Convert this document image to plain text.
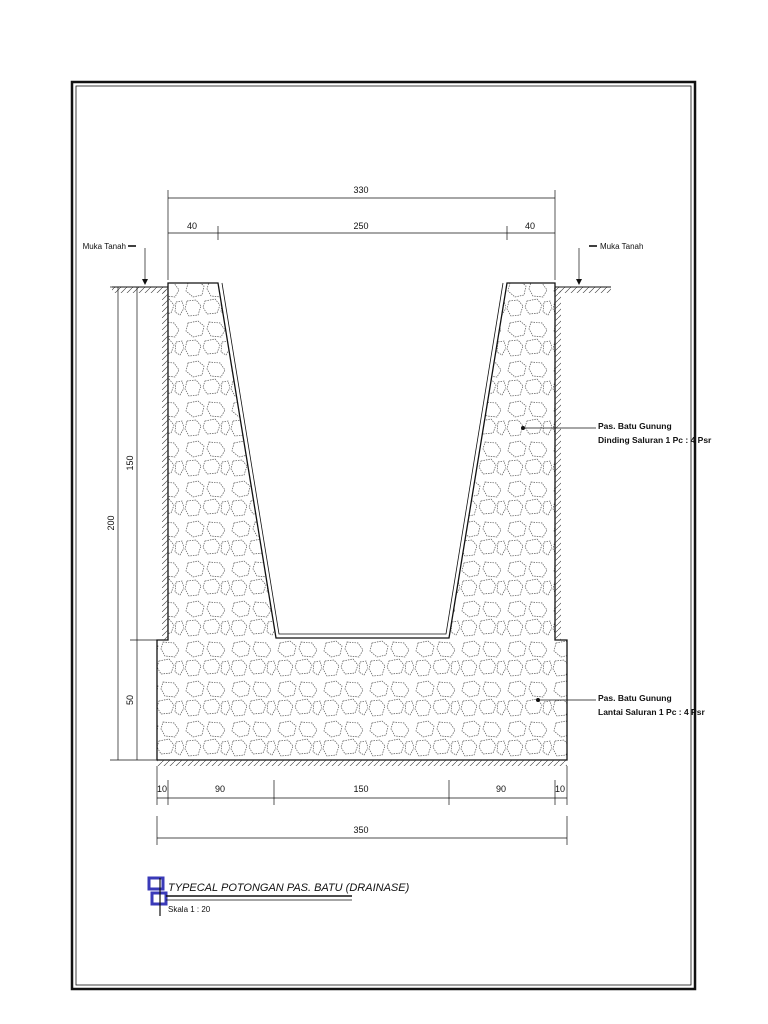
Muka Tanah	Muka Tanah
330
40	250	40
200
150
50
10	90	150	90	10
350
Pas. Batu Gunung
Dinding Saluran 1 Pc : 4 Psr
Pas. Batu Gunung
Lantai Saluran 1 Pc : 4 Psr
TYPECAL POTONGAN PAS. BATU (DRAINASE)
Skala 1 : 20
